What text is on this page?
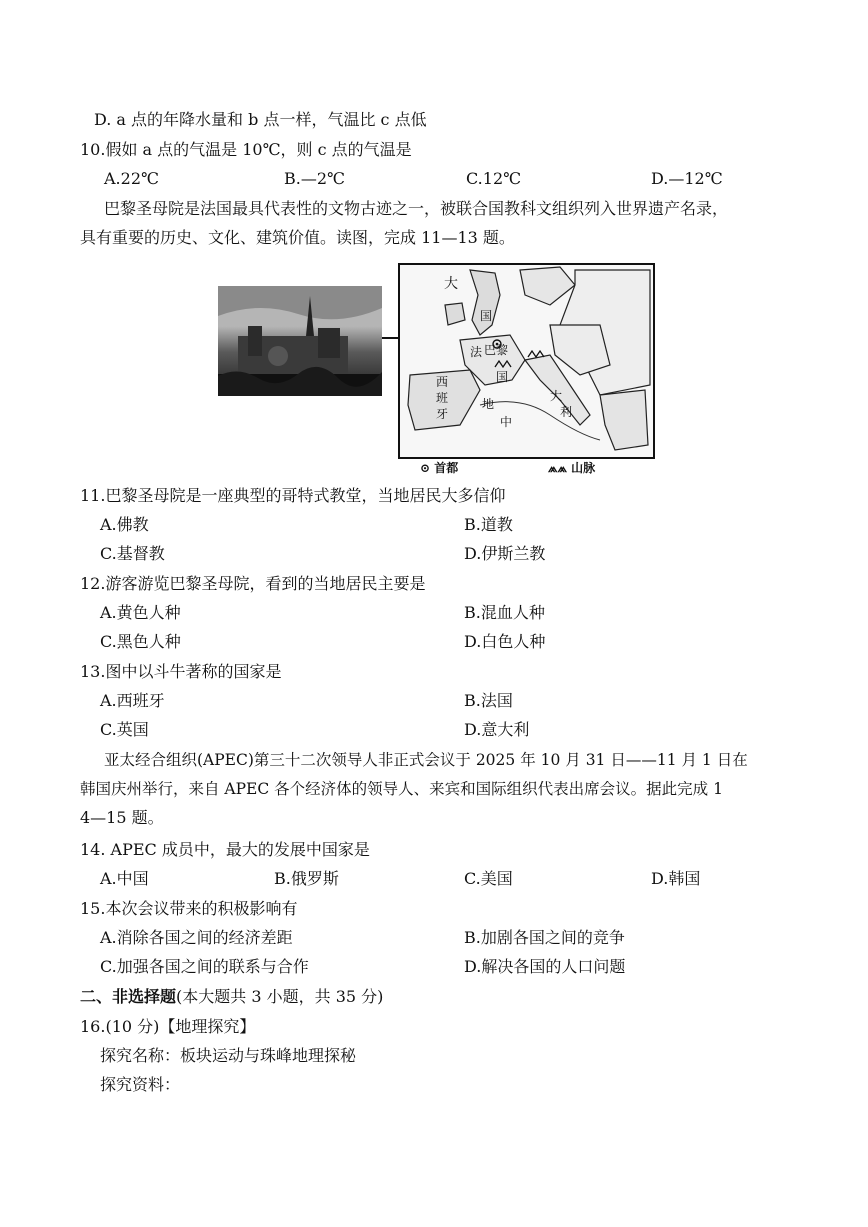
D. a 点的年降水量和 b 点一样，气温比 c 点低
10.假如 a 点的气温是 10℃，则 c 点的气温是
A.22℃	B.—2℃	C.12℃	D.—12℃
巴黎圣母院是法国最具代表性的文物古迹之一，被联合国教科文组织列入世界遗产名录，
具有重要的历史、文化、建筑价值。读图，完成 11—13 题。
大
国
巴黎
法
国
西
班
牙
地
中
大
利
⊙ 首都	⩕⩕ 山脉
11.巴黎圣母院是一座典型的哥特式教堂，当地居民大多信仰
A.佛教	B.道教
C.基督教	D.伊斯兰教
12.游客游览巴黎圣母院，看到的当地居民主要是
A.黄色人种	B.混血人种
C.黑色人种	D.白色人种
13.图中以斗牛著称的国家是
A.西班牙	B.法国
C.英国	D.意大利
亚太经合组织(APEC)第三十二次领导人非正式会议于 2025 年 10 月 31 日——11 月 1 日在
韩国庆州举行，来自 APEC 各个经济体的领导人、来宾和国际组织代表出席会议。据此完成 1
4—15 题。
14. APEC 成员中，最大的发展中国家是
A.中国	B.俄罗斯	C.美国	D.韩国
15.本次会议带来的积极影响有
A.消除各国之间的经济差距	B.加剧各国之间的竞争
C.加强各国之间的联系与合作	D.解决各国的人口问题
二、非选择题(本大题共 3 小题，共 35 分)
16.(10 分)【地理探究】
探究名称：板块运动与珠峰地理探秘
探究资料：
